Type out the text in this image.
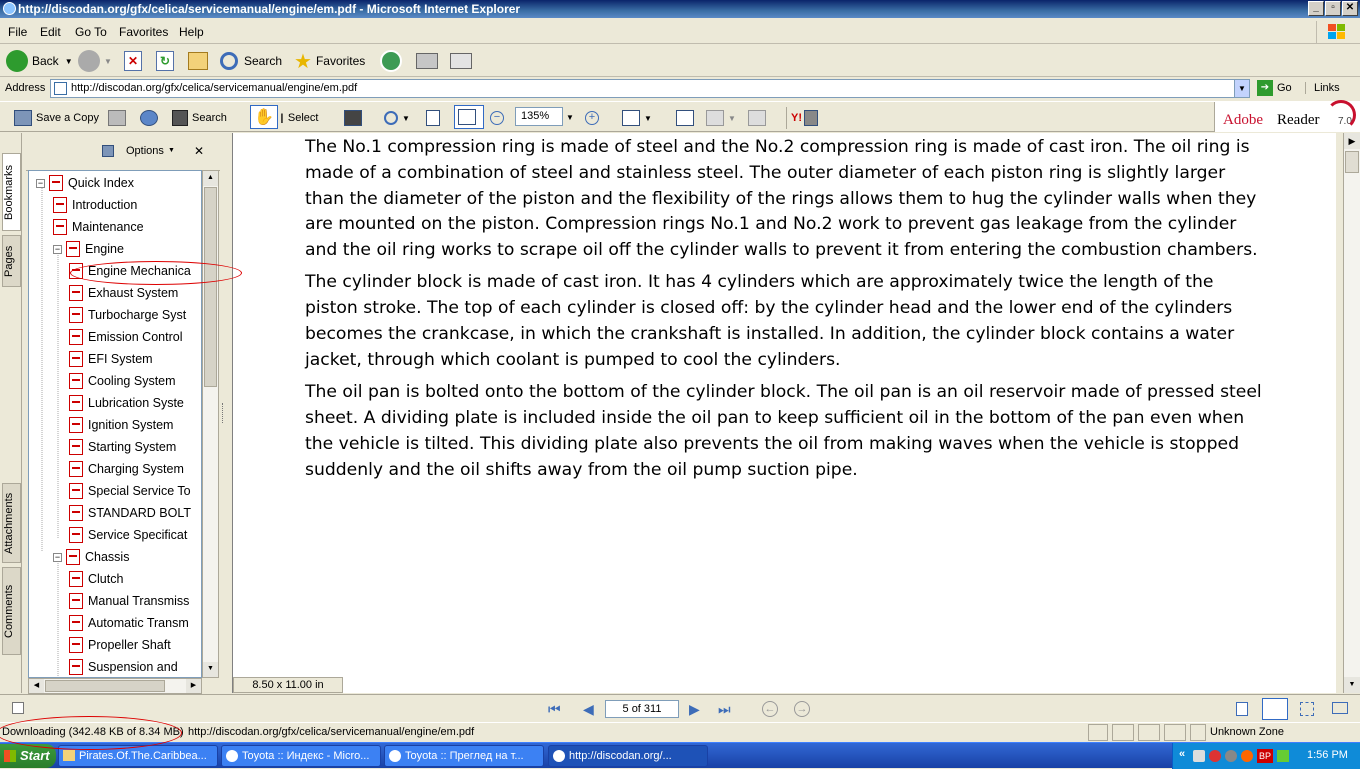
http://discodan.org/gfx/celica/servicemanual/engine/em.pdf - Microsoft Internet Explorer	_	▫	✕
File Edit Go To Favorites Help
Back ▼	▼	✕	↻	Search ★ Favorites
Address	http://discodan.org/gfx/celica/servicemanual/engine/em.pdf	▼	➔ Go	Links
Save a Copy	Search ✋ I Select	▼	−	135%	▼	+	▼	▼	Y!	Adobe Reader 7.0
Bookmarks
Pages
Attachments
Comments
Options ▼ ✕
− Quick Index
Introduction
Maintenance
− Engine
Engine Mechanica
Exhaust System
Turbocharge Syst
Emission Control
EFI System
Cooling System
Lubrication Syste
Ignition System
Starting System
Charging System
Special Service To
STANDARD BOLT
Service Specificat
− Chassis
Clutch
Manual Transmiss
Automatic Transm
Propeller Shaft
Suspension and
▲
▼
◀	▶

The No.1 compression ring is made of steel and the No.2 compression ring is made of cast iron. The oil ring is made of a combination of steel and stainless steel. The outer diameter of each piston ring is slightly larger than the diameter of the piston and the flexibility of the rings allows them to hug the cylinder walls when they are mounted on the piston. Compression rings No.1 and No.2 work to prevent gas leakage from the cylinder and the oil ring works to scrape oil off the cylinder walls to prevent it from entering the combustion chambers.

The cylinder block is made of cast iron. It has 4 cylinders which are approximately twice the length of the piston stroke. The top of each cylinder is closed off: by the cylinder head and the lower end of the cylinders becomes the crankcase, in which the crankshaft is installed. In addition, the cylinder block contains a water jacket, through which coolant is pumped to cool the cylinders.

The oil pan is bolted onto the bottom of the cylinder block. The oil pan is an oil reservoir made of pressed steel sheet. A dividing plate is included inside the oil pan to keep sufficient oil in the bottom of the pan even when the vehicle is tilted. This dividing plate also prevents the oil from making waves when the vehicle is stopped suddenly and the oil shifts away from the oil pump suction pipe.

8.50 x 11.00 in
▶
▼
⏮ ◀	5 of 311	▶ ⏭	← →
Downloading (342.48 KB of 8.34 MB) http://discodan.org/gfx/celica/servicemanual/engine/em.pdf	Unknown Zone
Start	Pirates.Of.The.Caribbea...	Toyota :: Индекс - Micro...	Toyota :: Преглед на т...	http://discodan.org/...	«	BP	1:56 PM
